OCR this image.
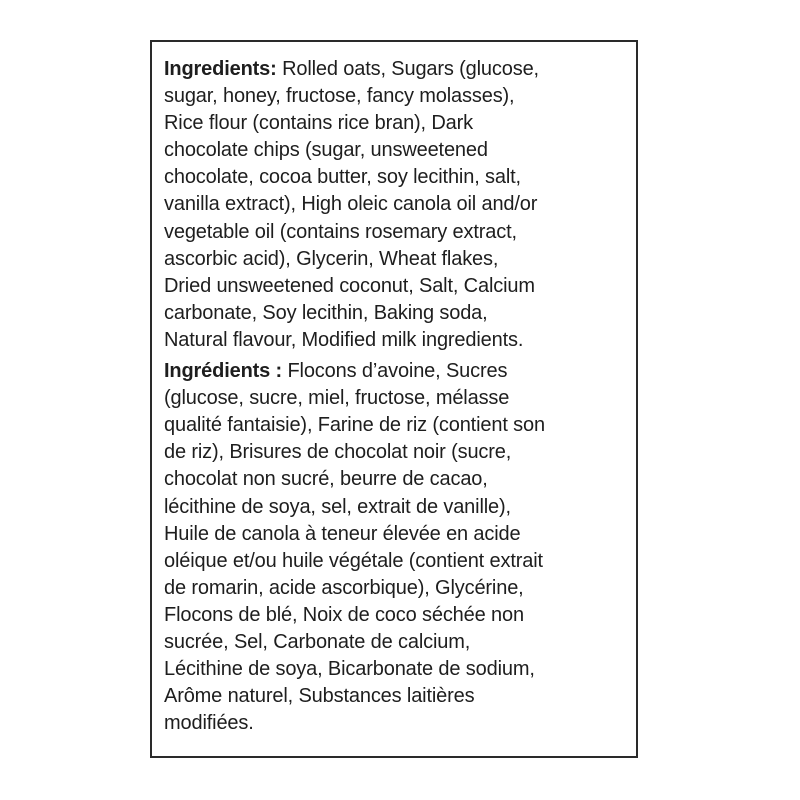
Ingredients: Rolled oats, Sugars (glucose,
sugar, honey, fructose, fancy molasses),
Rice flour (contains rice bran), Dark
chocolate chips (sugar, unsweetened
chocolate, cocoa butter, soy lecithin, salt,
vanilla extract), High oleic canola oil and/or
vegetable oil (contains rosemary extract,
ascorbic acid), Glycerin, Wheat flakes,
Dried unsweetened coconut, Salt, Calcium
carbonate, Soy lecithin, Baking soda,
Natural flavour, Modified milk ingredients.

Ingrédients : Flocons d’avoine, Sucres
(glucose, sucre, miel, fructose, mélasse
qualité fantaisie), Farine de riz (contient son
de riz), Brisures de chocolat noir (sucre,
chocolat non sucré, beurre de cacao,
lécithine de soya, sel, extrait de vanille),
Huile de canola à teneur élevée en acide
oléique et/ou huile végétale (contient extrait
de romarin, acide ascorbique), Glycérine,
Flocons de blé, Noix de coco séchée non
sucrée, Sel, Carbonate de calcium,
Lécithine de soya, Bicarbonate de sodium,
Arôme naturel, Substances laitières
modifiées.
